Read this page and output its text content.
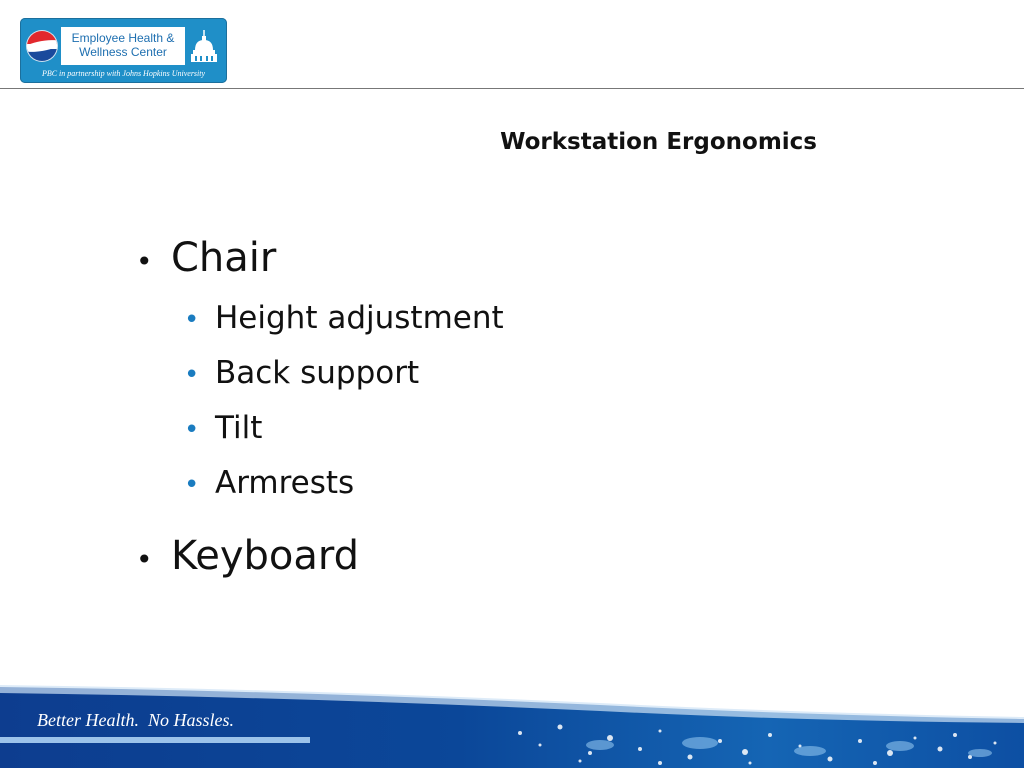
Employee Health &
Wellness Center
PBC in partnership with Johns Hopkins University
Workstation Ergonomics
• Chair
• Height adjustment
• Back support
• Tilt
• Armrests
• Keyboard
Better Health.  No Hassles.
